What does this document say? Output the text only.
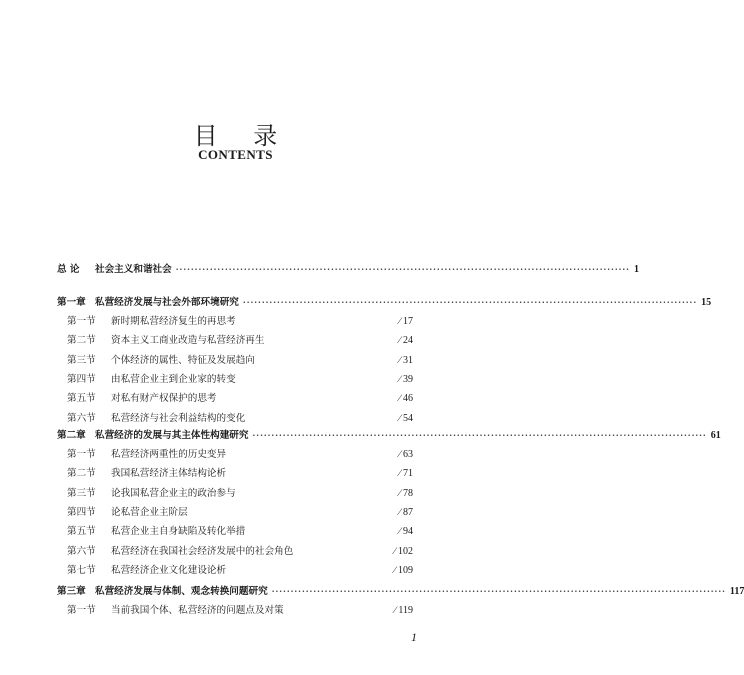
目 录
CONTENTS
总 论	社会主义和谐社会 ························································································································ 1
第一章 私营经济发展与社会外部环境研究 ························································································································ 15
第一节	新时期私营经济复生的再思考	∕ 17
第二节	资本主义工商业改造与私营经济再生	∕ 24
第三节	个体经济的属性、特征及发展趋向	∕ 31
第四节	由私营企业主到企业家的转变	∕ 39
第五节	对私有财产权保护的思考	∕ 46
第六节	私营经济与社会利益结构的变化	∕ 54
第二章 私营经济的发展与其主体性构建研究 ························································································································ 61
第一节	私营经济两重性的历史变异	∕ 63
第二节	我国私营经济主体结构论析	∕ 71
第三节	论我国私营企业主的政治参与	∕ 78
第四节	论私营企业主阶层	∕ 87
第五节	私营企业主自身缺陷及转化举措	∕ 94
第六节	私营经济在我国社会经济发展中的社会角色	∕ 102
第七节	私营经济企业文化建设论析	∕ 109
第三章 私营经济发展与体制、观念转换问题研究 ························································································································ 117
第一节	当前我国个体、私营经济的问题点及对策	∕ 119
1
